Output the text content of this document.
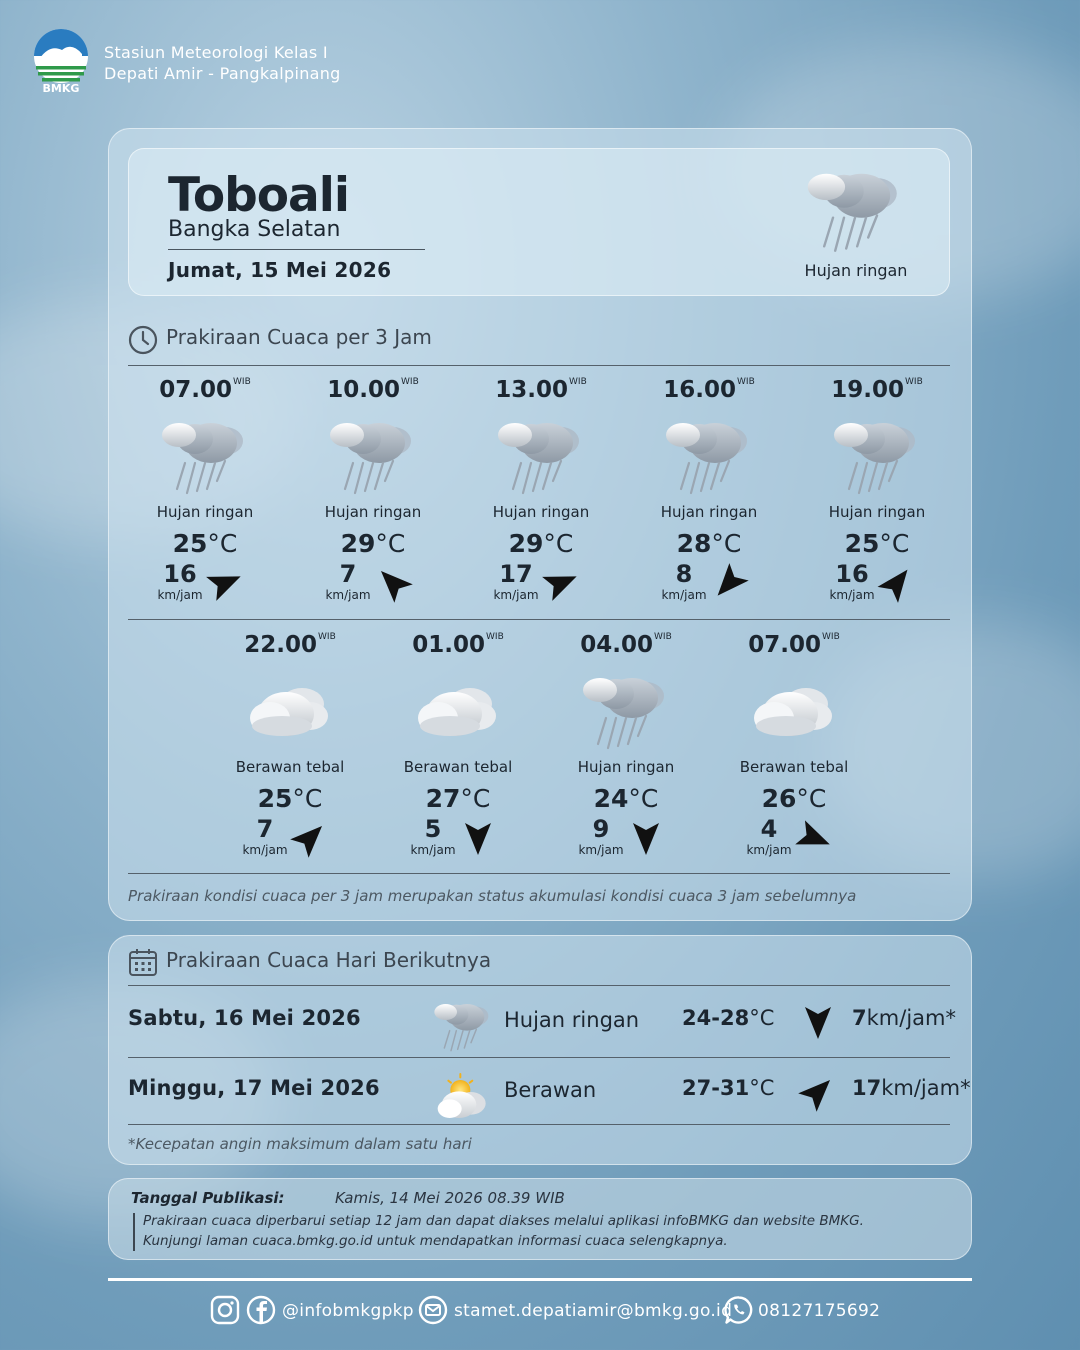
BMKG
Stasiun Meteorologi Kelas I
Depati Amir - Pangkalpinang
Toboali
Bangka Selatan
Jumat, 15 Mei 2026	Hujan ringan
Prakiraan Cuaca per 3 Jam
$07.00^{WIB}$
Hujan ringan
25°C
16
km/jam
$10.00^{WIB}$
Hujan ringan
29°C
7
km/jam
$13.00^{WIB}$
Hujan ringan
29°C
17
km/jam
$16.00^{WIB}$
Hujan ringan
28°C
8
km/jam
$19.00^{WIB}$
Hujan ringan
25°C
16
km/jam
$22.00^{WIB}$
Berawan tebal
25°C
7
km/jam
$01.00^{WIB}$
Berawan tebal
27°C
5
km/jam
$04.00^{WIB}$
Hujan ringan
24°C
9
km/jam
$07.00^{WIB}$
Berawan tebal
26°C
4
km/jam
Prakiraan kondisi cuaca per 3 jam merupakan status akumulasi kondisi cuaca 3 jam sebelumnya
Prakiraan Cuaca Hari Berikutnya
Sabtu, 16 Mei 2026	Hujan ringan 24-28°C	7km/jam*
Minggu, 17 Mei 2026	Berawan	27-31°C	17km/jam*
*Kecepatan angin maksimum dalam satu hari
Tanggal Publikasi:	Kamis, 14 Mei 2026 08.39 WIB
Prakiraan cuaca diperbarui setiap 12 jam dan dapat diakses melalui aplikasi infoBMKG dan website BMKG.
Kunjungi laman cuaca.bmkg.go.id untuk mendapatkan informasi cuaca selengkapnya.
@infobmkgpkp stamet.depatiamir@bmkg.go.id 08127175692
